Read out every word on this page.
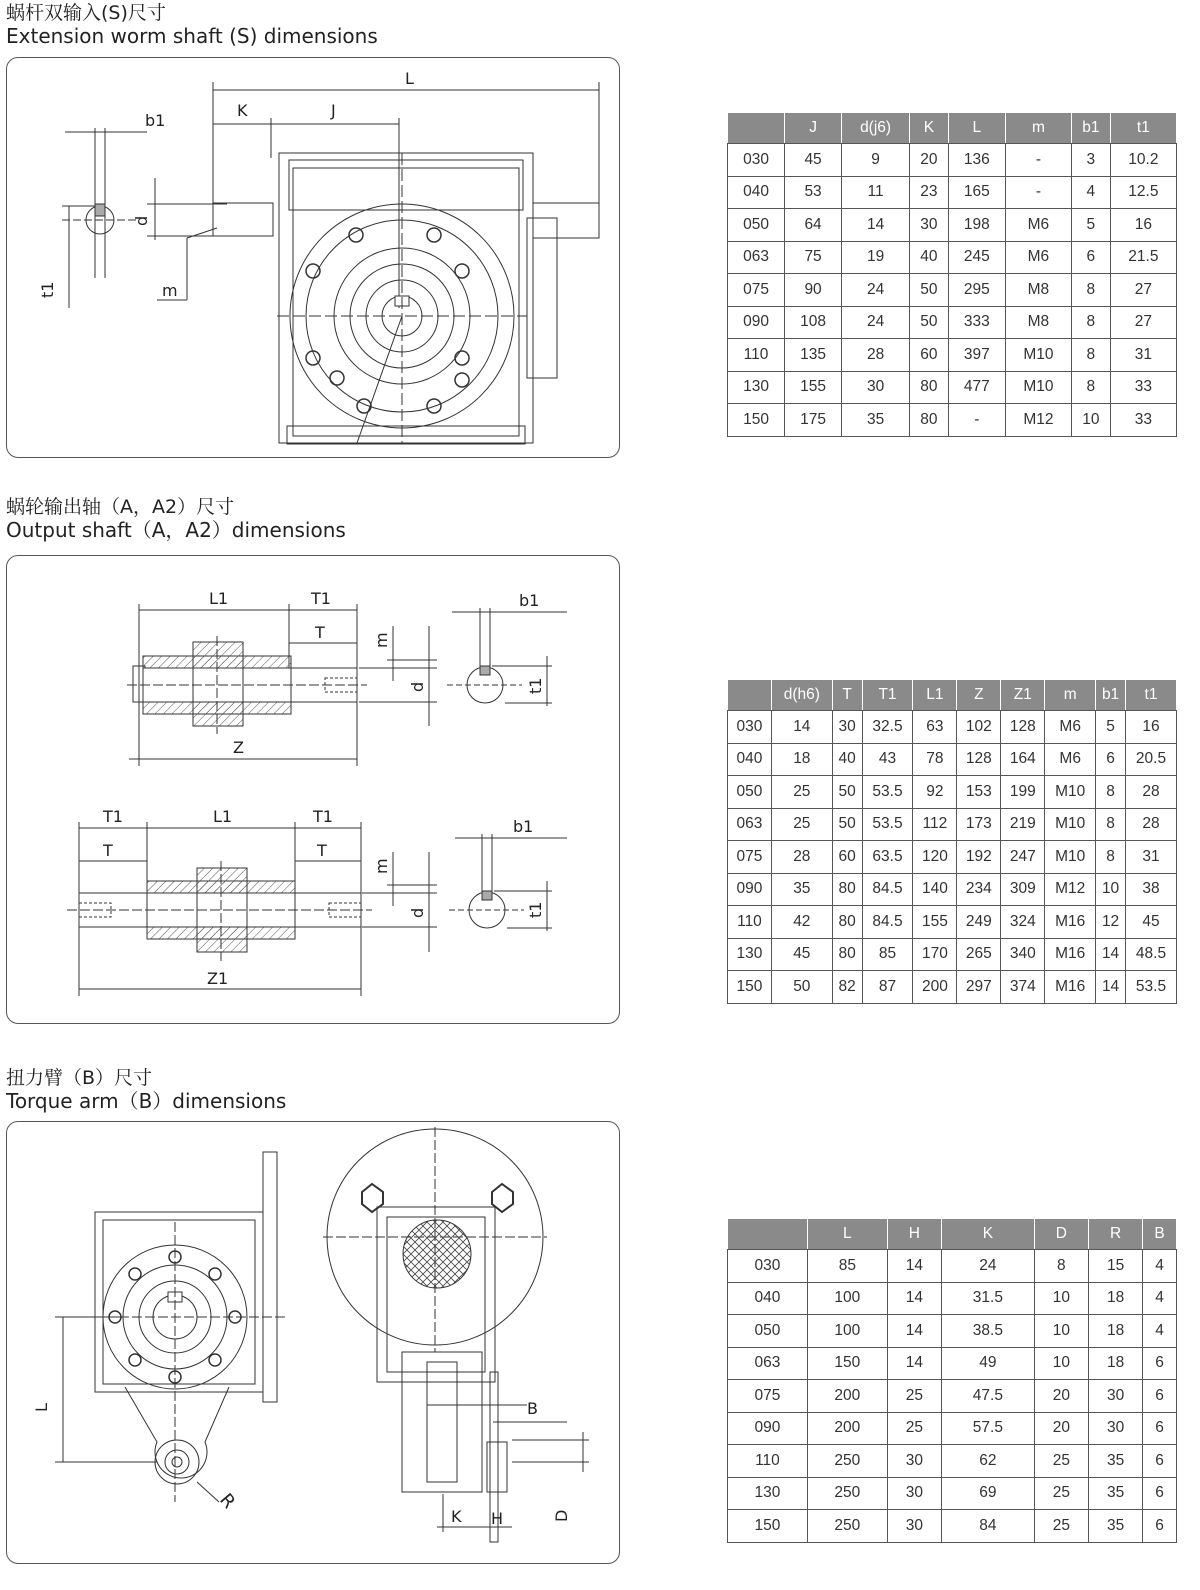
蜗杆双输入(S)尺寸
Extension worm shaft (S) dimensions
L
K	J
b1
d
t1	m
	J	d(j6)	K	L	m	b1	t1
030	45	9	20	136	-	3	10.2
040	53	11	23	165	-	4	12.5
050	64	14	30	198	M6	5	16
063	75	19	40	245	M6	6	21.5
075	90	24	50	295	M8	8	27
090	108	24	50	333	M8	8	27
110	135	28	60	397	M10	8	31
130	155	30	80	477	M10	8	33
150	175	35	80	-	M12	10	33
蜗轮输出轴（A，A2）尺寸
Output shaft（A，A2）dimensions
L1	T1
T	m
d
Z
b1
t1
T1	L1	T1
T	T
m
d
Z1
b1
t1
	d(h6)	T	T1	L1	Z	Z1	m	b1	t1
030	14	30	32.5	63	102	128	M6	5	16
040	18	40	43	78	128	164	M6	6	20.5
050	25	50	53.5	92	153	199	M10	8	28
063	25	50	53.5	112	173	219	M10	8	28
075	28	60	63.5	120	192	247	M10	8	31
090	35	80	84.5	140	234	309	M12	10	38
110	42	80	84.5	155	249	324	M16	12	45
130	45	80	85	170	265	340	M16	14	48.5
150	50	82	87	200	297	374	M16	14	53.5
扭力臂（B）尺寸
Torque arm（B）dimensions
L
R
B
K H	D
	L	H	K	D	R	B
030	85	14	24	8	15	4
040	100	14	31.5	10	18	4
050	100	14	38.5	10	18	4
063	150	14	49	10	18	6
075	200	25	47.5	20	30	6
090	200	25	57.5	20	30	6
110	250	30	62	25	35	6
130	250	30	69	25	35	6
150	250	30	84	25	35	6
